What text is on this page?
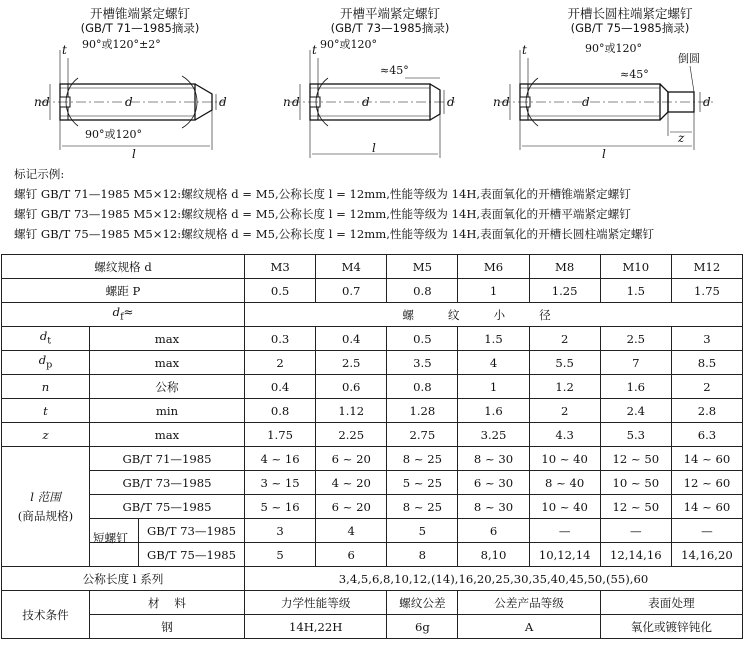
开槽锥端紧定螺钉
(GB/T 71—1985摘录)
开槽平端紧定螺钉
(GB/T 73—1985摘录)
开槽长圆柱端紧定螺钉
(GB/T 75—1985摘录)
d
n
t
d	d
l
d
n
t
d	d
l
d
n
t
d	d
z
l
90°或120°±2°
90°或120°
90°或120°
≈45°
90°或120°
≈45°
倒圆
标记示例:
螺钉 GB/T 71—1985 M5×12:螺纹规格 d = M5,公称长度 l = 12mm,性能等级为 14H,表面氧化的开槽锥端紧定螺钉
螺钉 GB/T 73—1985 M5×12:螺纹规格 d = M5,公称长度 l = 12mm,性能等级为 14H,表面氧化的开槽平端紧定螺钉
螺钉 GB/T 75—1985 M5×12:螺纹规格 d = M5,公称长度 l = 12mm,性能等级为 14H,表面氧化的开槽长圆柱端紧定螺钉
螺纹规格 d		M3	M4	M5	M6	M8	M10	M12
螺距 P		0.5	0.7	0.8	1	1.25	1.5	1.75
$d_f\approx$		螺纹小径						
$d_t$	max	0.3	0.4	0.5	1.5	2	2.5	3
$d_p$	max	2	2.5	3.5	4	5.5	7	8.5
n	公称	0.4	0.6	0.8	1	1.2	1.6	2
t	min	0.8	1.12	1.28	1.6	2	2.4	2.8
z	max	1.75	2.25	2.75	3.25	4.3	5.3	6.3

l 范围
(商品规格)	GB/T 71—1985	4 ~ 16	6 ~ 20	8 ~ 25	8 ~ 30	10 ~ 40	12 ~ 50	14 ~ 60
	GB/T 73—1985	3 ~ 15	4 ~ 20	5 ~ 25	6 ~ 30	8 ~ 40	10 ~ 50	12 ~ 60
	GB/T 75—1985	5 ~ 16	6 ~ 20	8 ~ 25	8 ~ 30	10 ~ 40	12 ~ 50	14 ~ 60

	短螺钉
GB/T 73—1985	3	4	5	6	—	—	—

GB/T 75—1985	5	6	8	8,10	10,12,14	12,14,16	14,16,20
公称长度 l 系列		3,4,5,6,8,10,12,(14),16,20,25,30,35,40,45,50,(55),60						
技术条件	材    料	力学性能等级		螺纹公差	公差产品等级		表面处理	
	钢	14H,22H		6g	A		氧化或镀锌钝化	
